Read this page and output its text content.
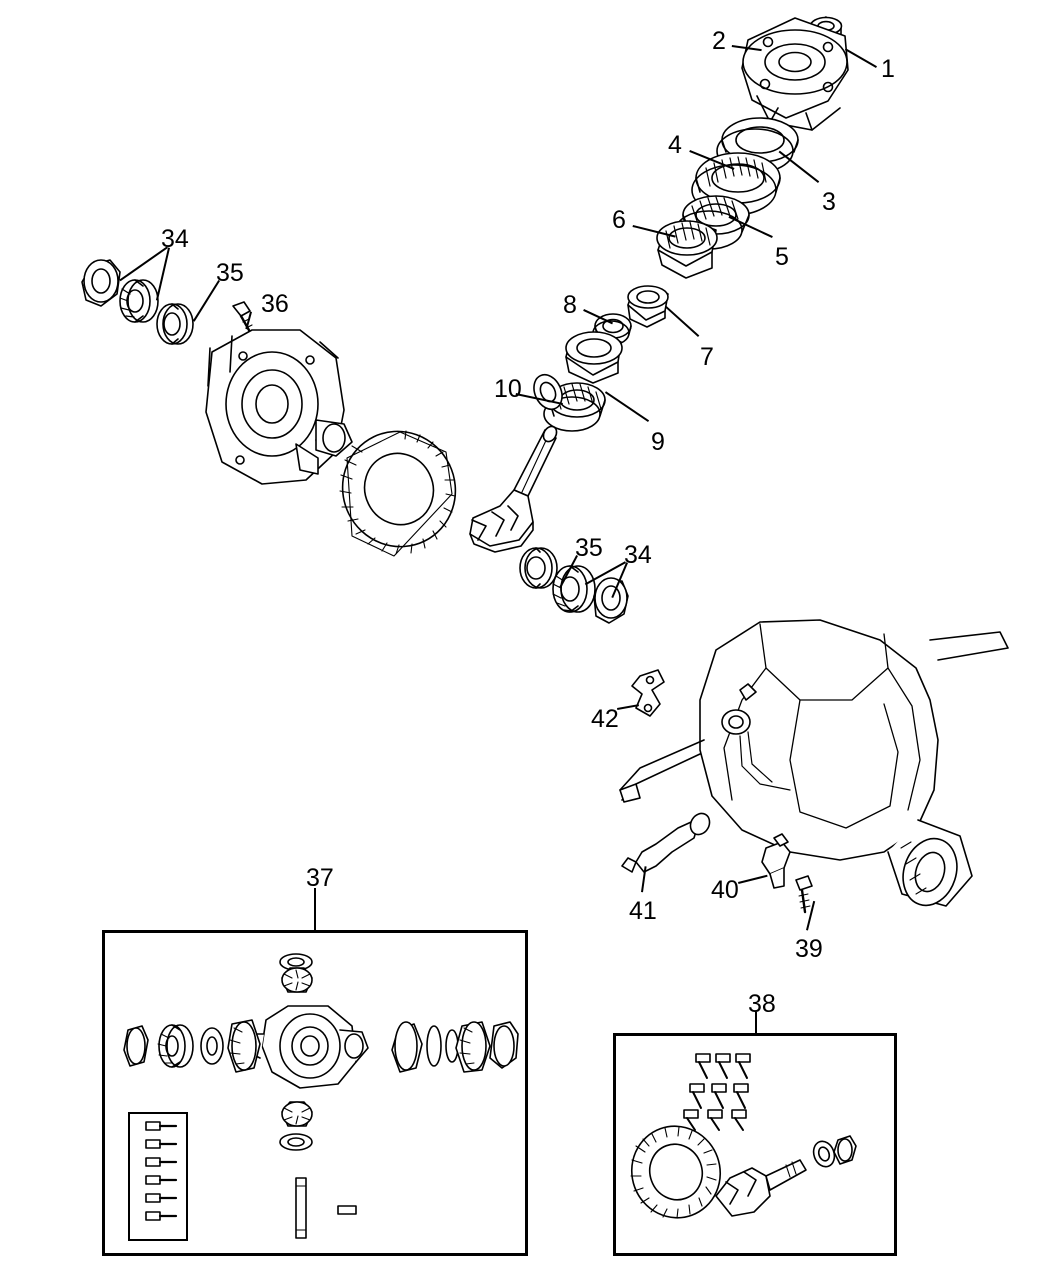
1
2
3
4
5
6
7
8
9
10
34
35
36
35 34
37
38
39
40
41
42
